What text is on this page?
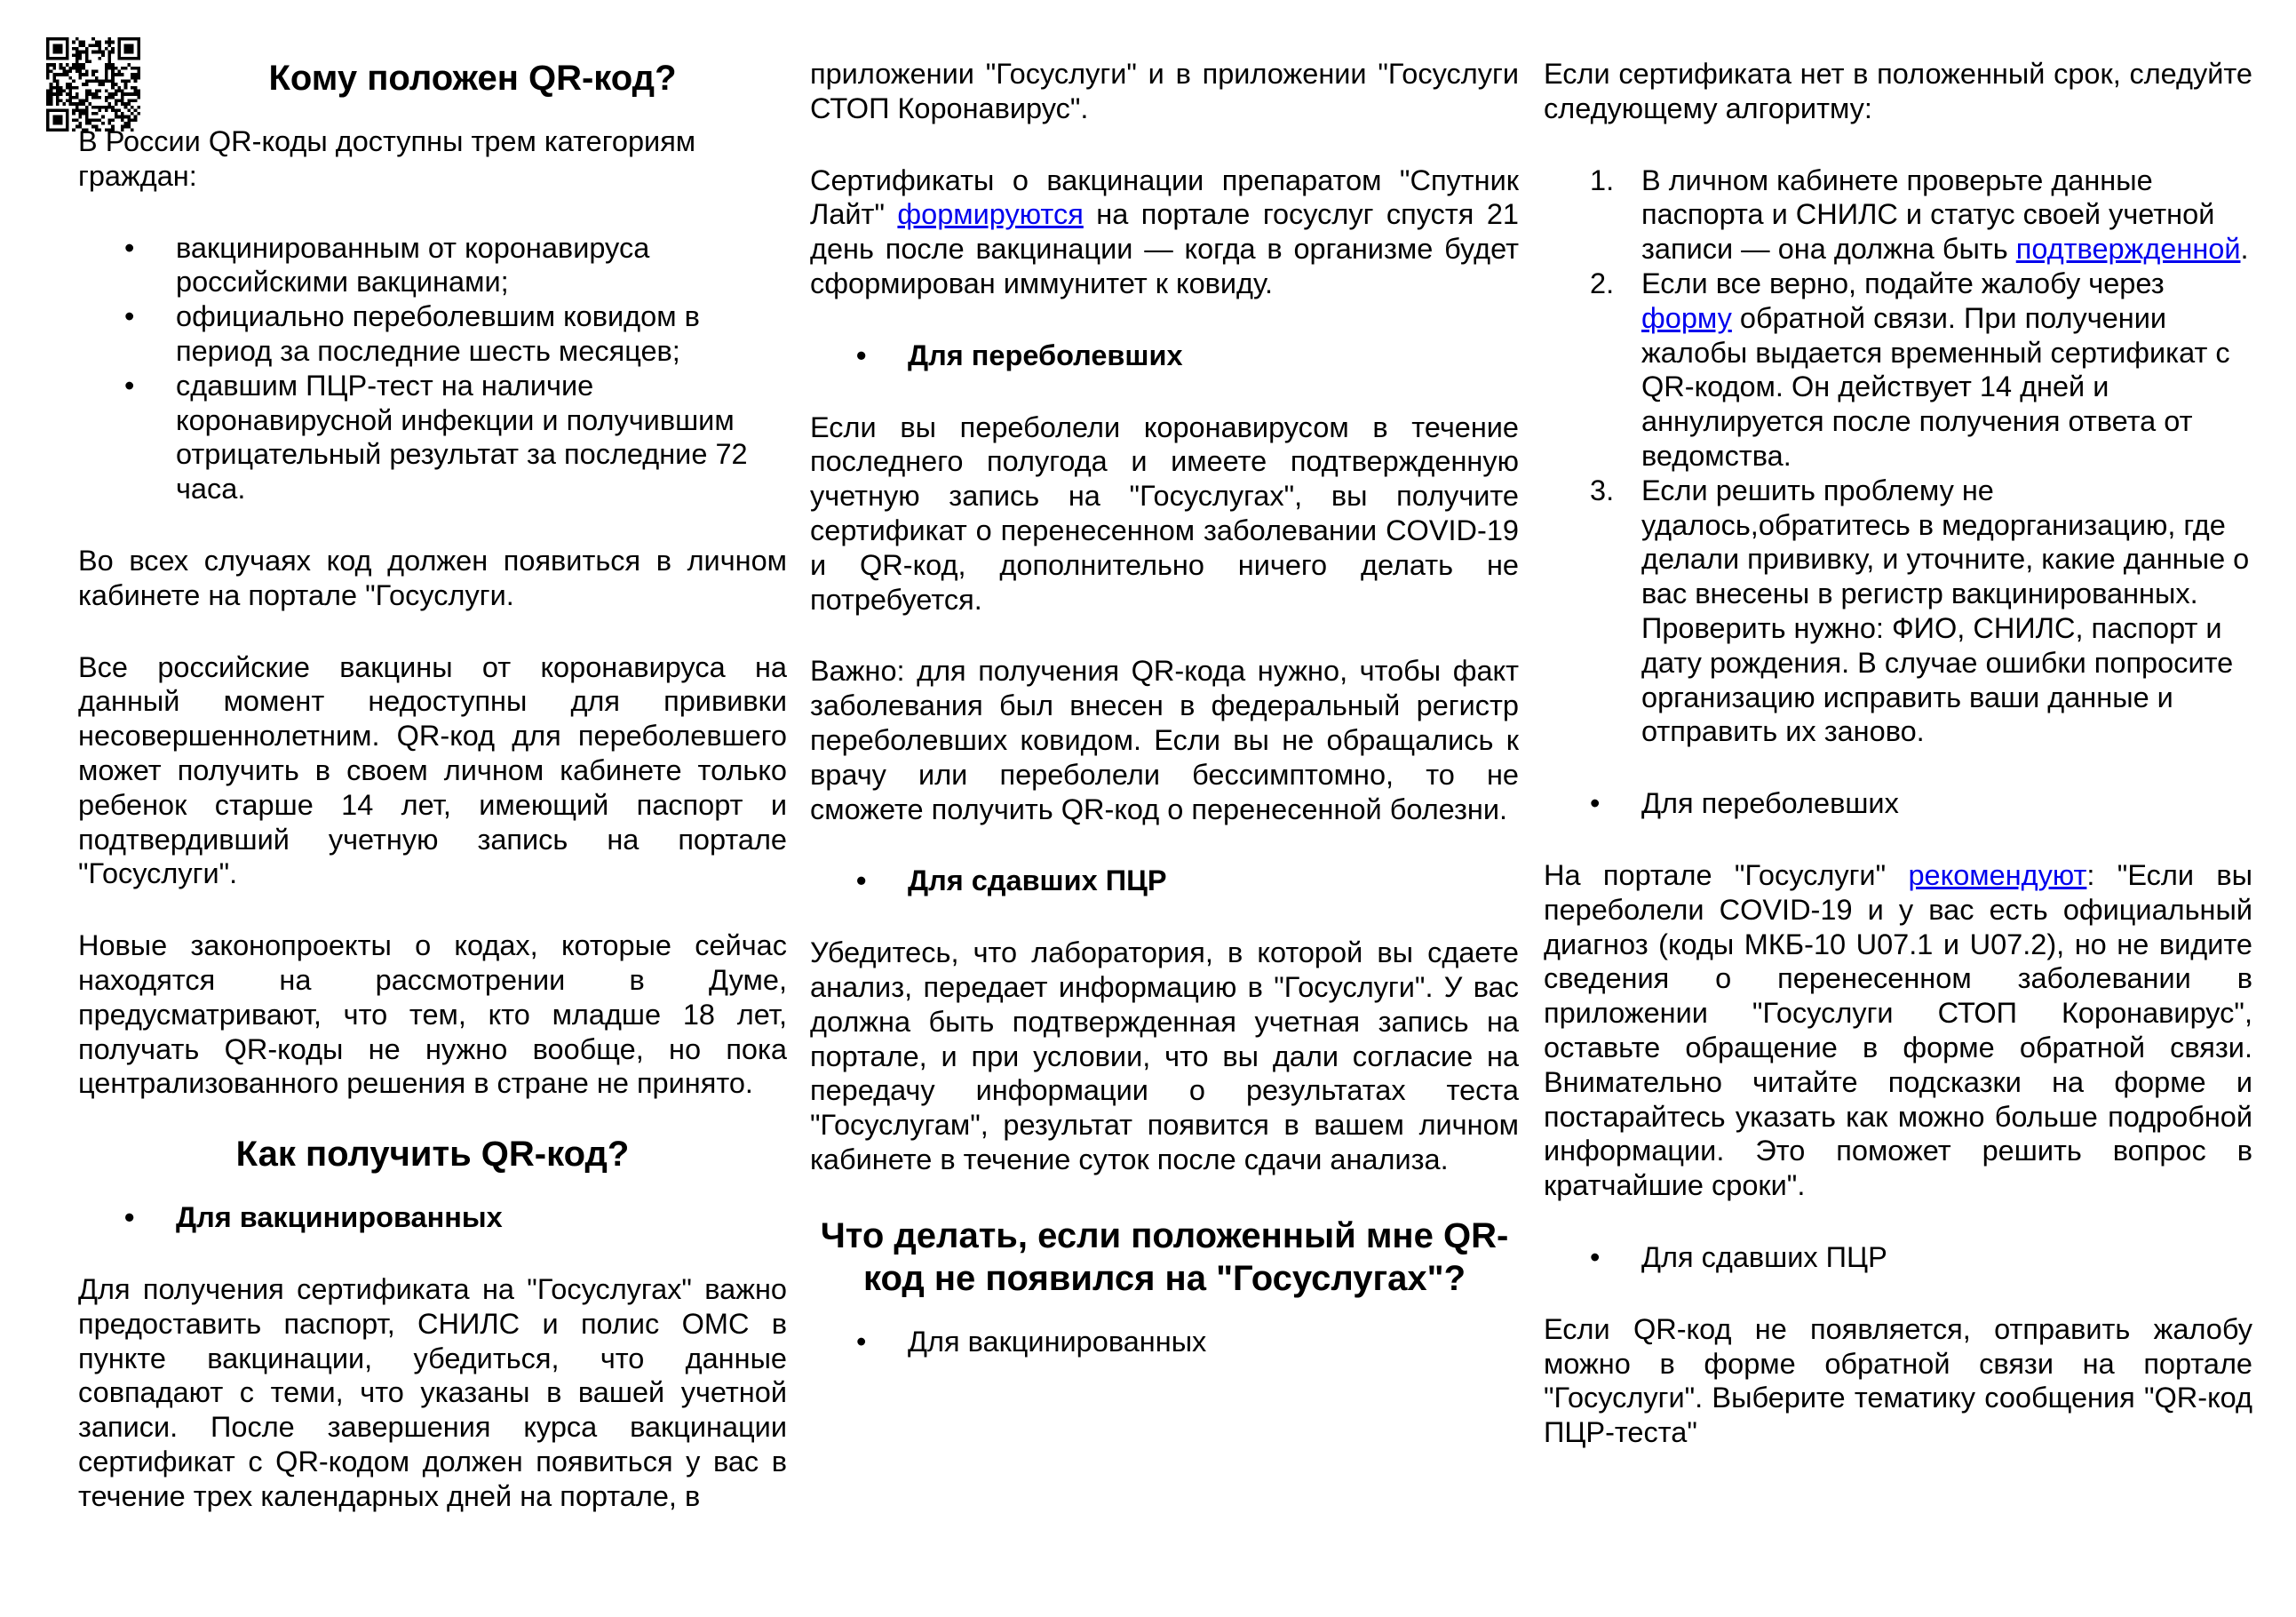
Кому положен QR-код?

В России QR-коды доступны трем категориям граждан:

• вакцинированным от коронавируса российскими вакцинами;
• официально переболевшим ковидом в период за последние шесть месяцев;
• сдавшим ПЦР-тест на наличие коронавирусной инфекции и получившим отрицательный результат за последние 72 часа.

Во всех случаях код должен появиться в личном кабинете на портале "Госуслуги.

Все российские вакцины от коронавируса на данный момент недоступны для прививки несовершеннолетним. QR-код для переболевшего может получить в своем личном кабинете только ребенок старше 14 лет, имеющий паспорт и подтвердивший учетную запись на портале "Госуслуги".

Новые законопроекты о кодах, которые сейчас находятся на рассмотрении в Думе, предусматривают, что тем, кто младше 18 лет, получать QR-коды не нужно вообще, но пока централизованного решения в стране не принято.

Как получить QR-код?
• Для вакцинированных

Для получения сертификата на "Госуслугах" важно предоставить паспорт, СНИЛС и полис ОМС в пункте вакцинации, убедиться, что данные совпадают с теми, что указаны в вашей учетной записи. После завершения курса вакцинации сертификат с QR-кодом должен появиться у вас в течение трех календарных дней на портале, в

приложении "Госуслуги" и в приложении "Госуслуги СТОП Коронавирус".

Сертификаты о вакцинации препаратом "Спутник Лайт" формируются на портале госуслуг спустя 21 день после вакцинации — когда в организме будет сформирован иммунитет к ковиду.

• Для переболевших

Если вы переболели коронавирусом в течение последнего полугода и имеете подтвержденную учетную запись на "Госуслугах", вы получите сертификат о перенесенном заболевании COVID-19 и QR-код, дополнительно ничего делать не потребуется.

Важно: для получения QR-кода нужно, чтобы факт заболевания был внесен в федеральный регистр переболевших ковидом. Если вы не обращались к врачу или переболели бессимптомно, то не сможете получить QR-код о перенесенной болезни.

• Для сдавших ПЦР

Убедитесь, что лаборатория, в которой вы сдаете анализ, передает информацию в "Госуслуги". У вас должна быть подтвержденная учетная запись на портале, и при условии, что вы дали согласие на передачу информации о результатах теста "Госуслугам", результат появится в вашем личном кабинете в течение суток после сдачи анализа.

Что делать, если положенный мне QR-код не появился на "Госуслугах"?
• Для вакцинированных

Если сертификата нет в положенный срок, следуйте следующему алгоритму:

1. В личном кабинете проверьте данные паспорта и СНИЛС и статус своей учетной записи — она должна быть подтвержденной.
2. Если все верно, подайте жалобу через форму обратной связи. При получении жалобы выдается временный сертификат с QR-кодом. Он действует 14 дней и аннулируется после получения ответа от ведомства.
3. Если решить проблему не удалось,обратитесь в медорганизацию, где делали прививку, и уточните, какие данные о вас внесены в регистр вакцинированных. Проверить нужно: ФИО, СНИЛС, паспорт и дату рождения. В случае ошибки попросите организацию исправить ваши данные и отправить их заново.
• Для переболевших

На портале "Госуслуги" рекомендуют: "Если вы переболели COVID-19 и у вас есть официальный диагноз (коды МКБ-10 U07.1 и U07.2), но не видите сведения о перенесенном заболевании в приложении "Госуслуги СТОП Коронавирус", оставьте обращение в форме обратной связи. Внимательно читайте подсказки на форме и постарайтесь указать как можно больше подробной информации. Это поможет решить вопрос в кратчайшие сроки".

• Для сдавших ПЦР

Если QR-код не появляется, отправить жалобу можно в форме обратной связи на портале "Госуслуги". Выберите тематику сообщения "QR-код ПЦР-теста"
